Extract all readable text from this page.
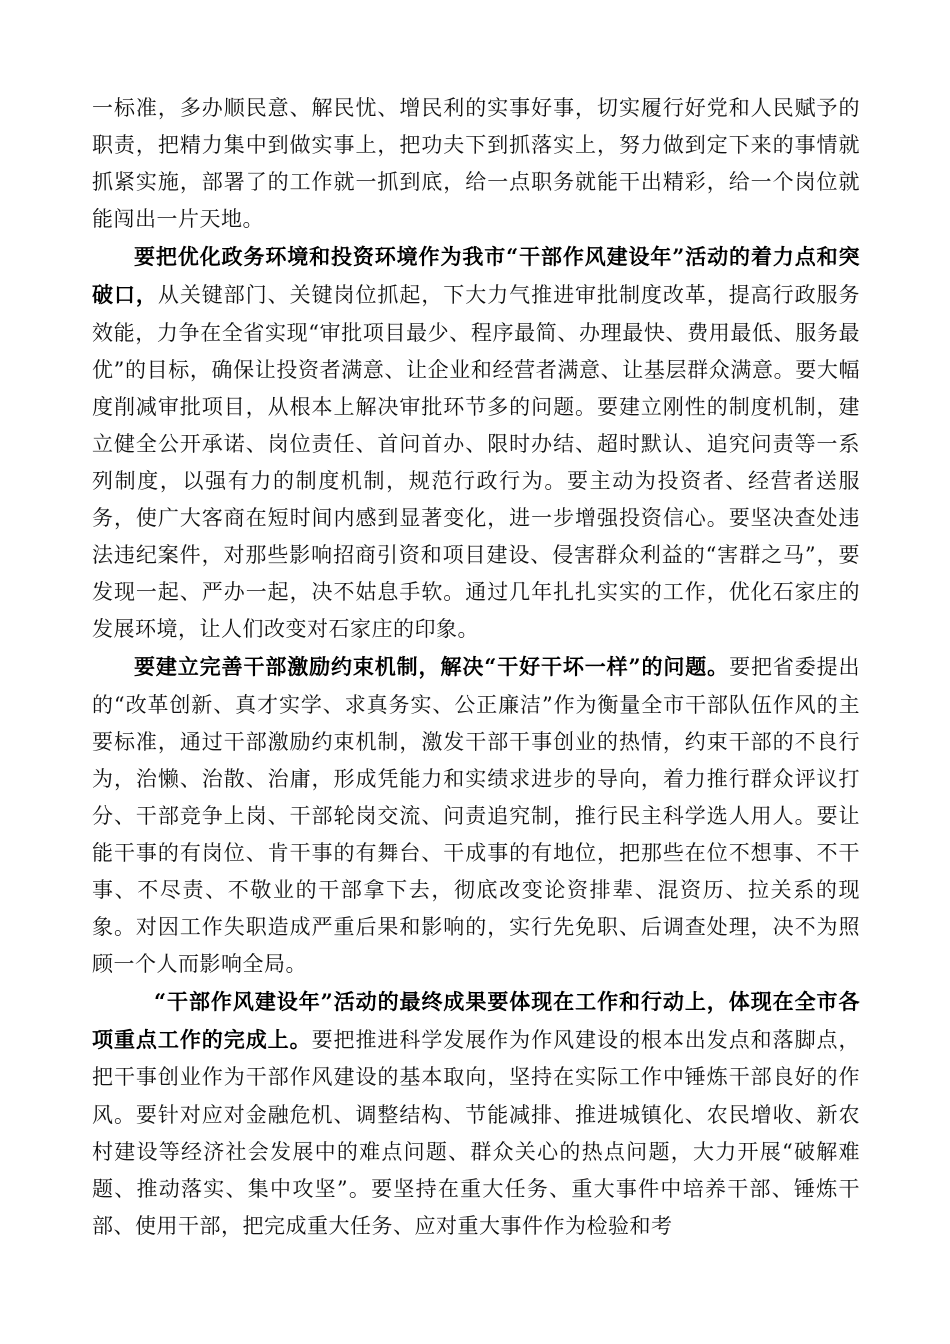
一标准，多办顺民意、解民忧、增民利的实事好事，切实履行好党和人民赋予的职责，把精力集中到做实事上，把功夫下到抓落实上，努力做到定下来的事情就抓紧实施，部署了的工作就一抓到底，给一点职务就能干出精彩，给一个岗位就能闯出一片天地。

要把优化政务环境和投资环境作为我市“干部作风建设年”活动的着力点和突破口，从关键部门、关键岗位抓起，下大力气推进审批制度改革，提高行政服务效能，力争在全省实现“审批项目最少、程序最简、办理最快、费用最低、服务最优”的目标，确保让投资者满意、让企业和经营者满意、让基层群众满意。要大幅度削减审批项目，从根本上解决审批环节多的问题。要建立刚性的制度机制，建立健全公开承诺、岗位责任、首问首办、限时办结、超时默认、追究问责等一系列制度，以强有力的制度机制，规范行政行为。要主动为投资者、经营者送服务，使广大客商在短时间内感到显著变化，进一步增强投资信心。要坚决查处违法违纪案件，对那些影响招商引资和项目建设、侵害群众利益的“害群之马”，要发现一起、严办一起，决不姑息手软。通过几年扎扎实实的工作，优化石家庄的发展环境，让人们改变对石家庄的印象。

要建立完善干部激励约束机制，解决“干好干坏一样”的问题。要把省委提出的“改革创新、真才实学、求真务实、公正廉洁”作为衡量全市干部队伍作风的主要标准，通过干部激励约束机制，激发干部干事创业的热情，约束干部的不良行为，治懒、治散、治庸，形成凭能力和实绩求进步的导向，着力推行群众评议打分、干部竞争上岗、干部轮岗交流、问责追究制，推行民主科学选人用人。要让能干事的有岗位、肯干事的有舞台、干成事的有地位，把那些在位不想事、不干事、不尽责、不敬业的干部拿下去，彻底改变论资排辈、混资历、拉关系的现象。对因工作失职造成严重后果和影响的，实行先免职、后调查处理，决不为照顾一个人而影响全局。

“干部作风建设年”活动的最终成果要体现在工作和行动上，体现在全市各项重点工作的完成上。要把推进科学发展作为作风建设的根本出发点和落脚点，把干事创业作为干部作风建设的基本取向，坚持在实际工作中锤炼干部良好的作风。要针对应对金融危机、调整结构、节能减排、推进城镇化、农民增收、新农村建设等经济社会发展中的难点问题、群众关心的热点问题，大力开展“破解难题、推动落实、集中攻坚”。要坚持在重大任务、重大事件中培养干部、锤炼干部、使用干部，把完成重大任务、应对重大事件作为检验和考
